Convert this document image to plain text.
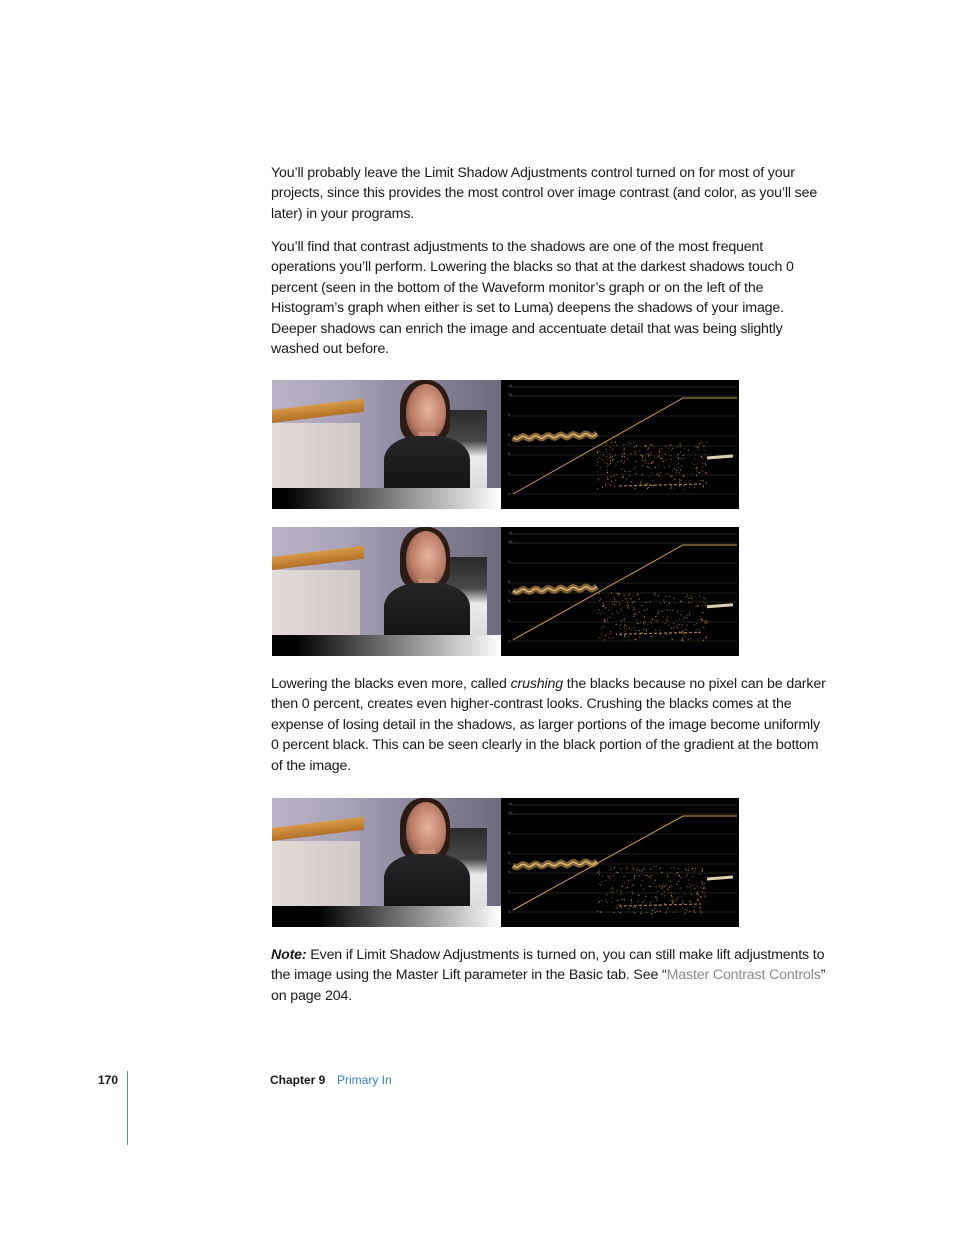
You’ll probably leave the Limit Shadow Adjustments control turned on for most of your projects, since this provides the most control over image contrast (and color, as you’ll see later) in your programs.

You’ll find that contrast adjustments to the shadows are one of the most frequent operations you’ll perform. Lowering the blacks so that at the darkest shadows touch 0 percent (seen in the bottom of the Waveform monitor’s graph or on the left of the Histogram’s graph when either is set to Luma) deepens the shadows of your image. Deeper shadows can enrich the image and accentuate detail that was being slightly washed out before.

11
10
9
8
7
6
5
4
11
10
9
8
7
6
5
4

Lowering the blacks even more, called crushing the blacks because no pixel can be darker then 0 percent, creates even higher-contrast looks. Crushing the blacks comes at the expense of losing detail in the shadows, as larger portions of the image become uniformly 0 percent black. This can be seen clearly in the black portion of the gradient at the bottom of the image.

11
10
9
8
7
6
5
4

Note: Even if Limit Shadow Adjustments is turned on, you can still make lift adjustments to the image using the Master Lift parameter in the Basic tab. See “Master Contrast Controls” on page 204.

170	Chapter 9 Primary In
